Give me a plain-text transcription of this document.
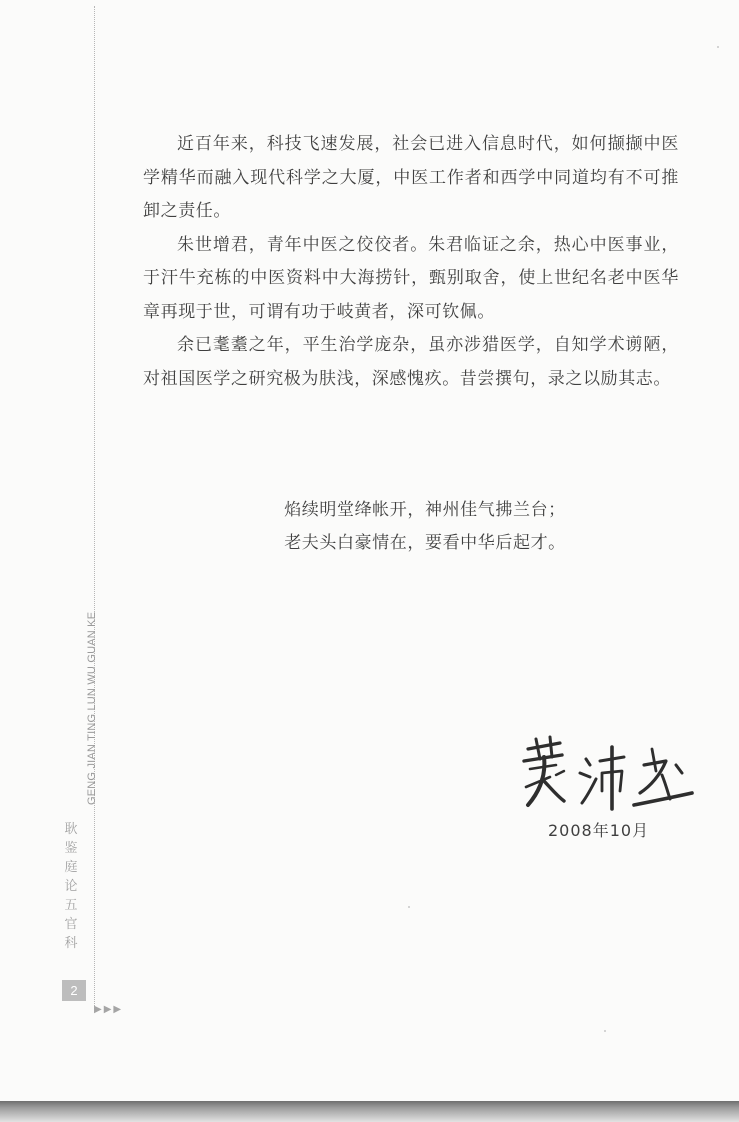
近百年来，科技飞速发展，社会已进入信息时代，如何撷撷中医学精华而融入现代科学之大厦，中医工作者和西学中同道均有不可推卸之责任。

朱世增君，青年中医之佼佼者。朱君临证之余，热心中医事业，于汗牛充栋的中医资料中大海捞针，甄别取舍，使上世纪名老中医华章再现于世，可谓有功于岐黄者，深可钦佩。

余已耄耋之年，平生治学庞杂，虽亦涉猎医学，自知学术谫陋，对祖国医学之研究极为肤浅，深感愧疚。昔尝撰句，录之以励其志。

焰续明堂绛帐开，神州佳气拂兰台；
老夫头白豪情在，要看中华后起才。
2008年10月
GENG JIAN TING LUN WU GUAN KE
耿鉴庭论五官科
2
▶▶▶
